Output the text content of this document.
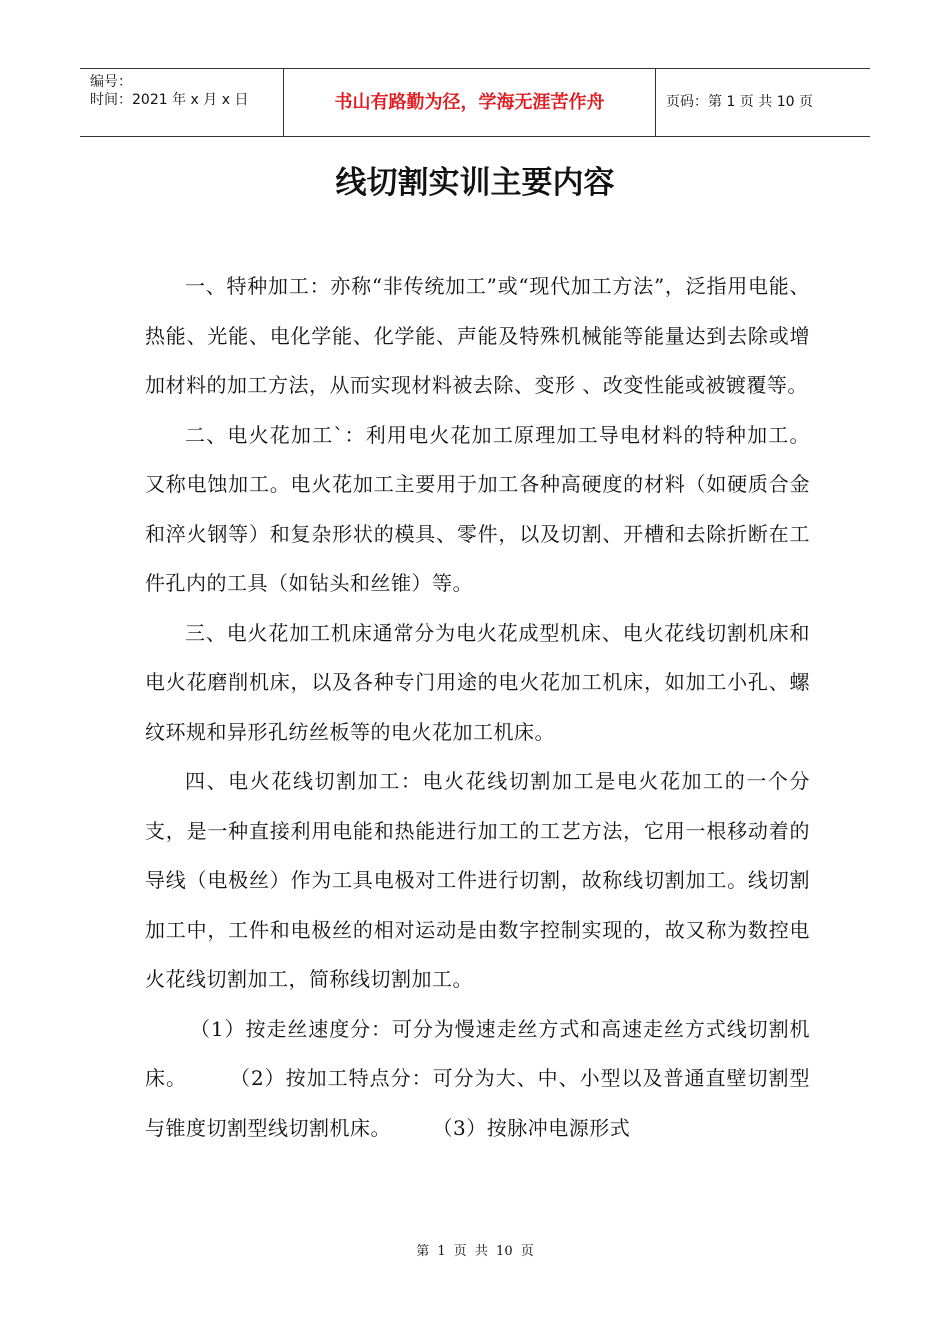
编号：
时间：2021 年 x 月 x 日	书山有路勤为径，学海无涯苦作舟	页码：第 1 页 共 10 页
线切割实训主要内容

一、特种加工：亦称“非传统加工”或“现代加工方法”，泛指用电能、热能、光能、电化学能、化学能、声能及特殊机械能等能量达到去除或增加材料的加工方法，从而实现材料被去除、变形 、改变性能或被镀覆等。

二、电火花加工`：利用电火花加工原理加工导电材料的特种加工。又称电蚀加工。电火花加工主要用于加工各种高硬度的材料（如硬质合金和淬火钢等）和复杂形状的模具、零件，以及切割、开槽和去除折断在工件孔内的工具（如钻头和丝锥）等。

三、电火花加工机床通常分为电火花成型机床、电火花线切割机床和电火花磨削机床，以及各种专门用途的电火花加工机床，如加工小孔、螺纹环规和异形孔纺丝板等的电火花加工机床。

四、电火花线切割加工：电火花线切割加工是电火花加工的一个分支，是一种直接利用电能和热能进行加工的工艺方法，它用一根移动着的导线（电极丝）作为工具电极对工件进行切割，故称线切割加工。线切割加工中，工件和电极丝的相对运动是由数字控制实现的，故又称为数控电火花线切割加工，简称线切割加工。

（1）按走丝速度分：可分为慢速走丝方式和高速走丝方式线切割机床。　　　（2）按加工特点分：可分为大、中、小型以及普通直壁切割型与锥度切割型线切割机床。　　　（3）按脉冲电源形式

第 1 页 共 10 页
